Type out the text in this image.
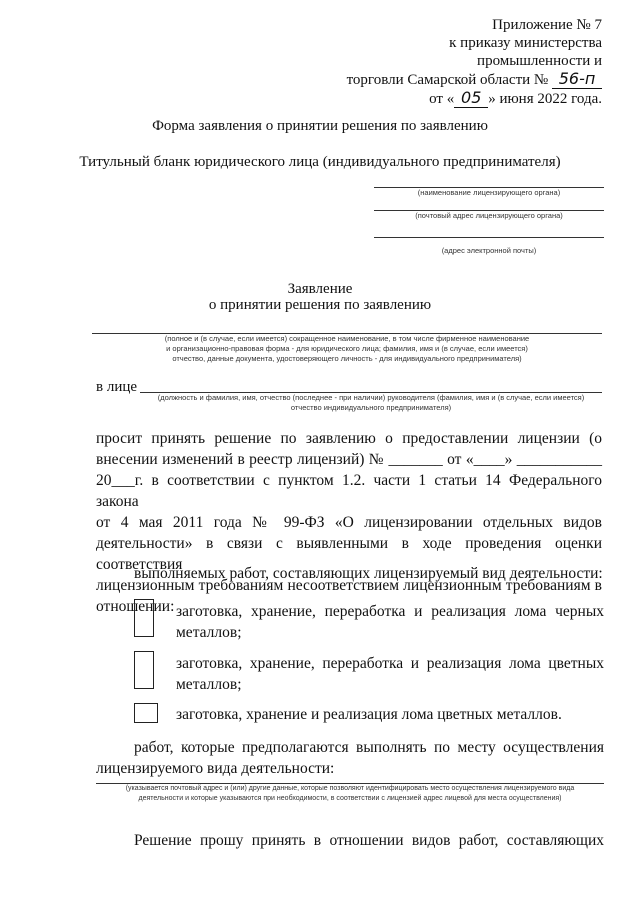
Приложение № 7
к приказу министерства
промышленности и
торговли Самарской области № 56-п
от « 05 » июня 2022 года.
Форма заявления о принятии решения по заявлению
Титульный бланк юридического лица (индивидуального предпринимателя)
(наименование лицензирующего органа)
(почтовый адрес лицензирующего органа)
(адрес электронной почты)
Заявление
о принятии решения по заявлению
(полное и (в случае, если имеется) сокращенное наименование, в том числе фирменное наименование
и организационно-правовая форма - для юридического лица; фамилия, имя и (в случае, если имеется)
отчество, данные документа, удостоверяющего личность - для индивидуального предпринимателя)
в лице
(должность и фамилия, имя, отчество (последнее - при наличии) руководителя (фамилия, имя и (в случае, если имеется)
отчество индивидуального предпринимателя)
просит принять решение по заявлению о предоставлении лицензии (о
внесении изменений в реестр лицензий) № _______ от «____» ___________
20___г. в соответствии с пунктом 1.2. части 1 статьи 14 Федерального закона
от 4 мая 2011 года № 99-ФЗ «О лицензировании отдельных видов
деятельности» в связи с выявленными в ходе проведения оценки соответствия
лицензионным требованиям несоответствием лицензионным требованиям в
отношении:
выполняемых работ, составляющих лицензируемый вид деятельности:
заготовка, хранение, переработка и реализация лома черных
металлов;
заготовка, хранение, переработка и реализация лома цветных
металлов;
заготовка, хранение и реализация лома цветных металлов.
работ, которые предполагаются выполнять по месту осуществления
лицензируемого вида деятельности:
(указывается почтовый адрес и (или) другие данные, которые позволяют идентифицировать место осуществления лицензируемого вида
деятельности и которые указываются при необходимости, в соответствии с лицензией адрес лицевой для места осуществления)
Решение прошу принять в отношении видов работ, составляющих
